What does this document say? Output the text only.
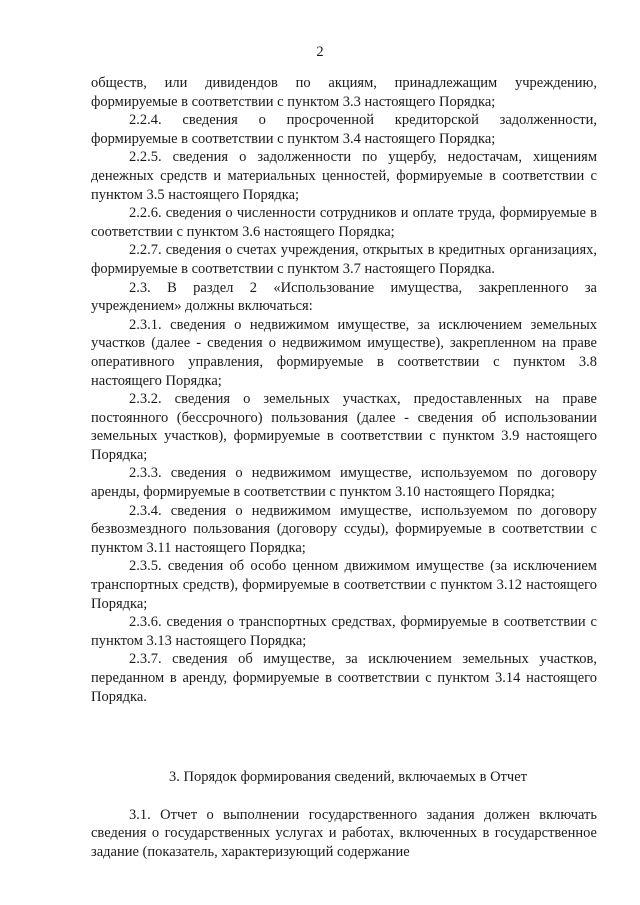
2

обществ, или дивидендов по акциям, принадлежащим учреждению, формируемые в соответствии с пунктом 3.3 настоящего Порядка;

2.2.4. сведения о просроченной кредиторской задолженности, формируемые в соответствии с пунктом 3.4 настоящего Порядка;

2.2.5. сведения о задолженности по ущербу, недостачам, хищениям денежных средств и материальных ценностей, формируемые в соответствии с пунктом 3.5 настоящего Порядка;

2.2.6. сведения о численности сотрудников и оплате труда, формируемые в соответствии с пунктом 3.6 настоящего Порядка;

2.2.7. сведения о счетах учреждения, открытых в кредитных организациях, формируемые в соответствии с пунктом 3.7 настоящего Порядка.

2.3. В раздел 2 «Использование имущества, закрепленного за учреждением» должны включаться:

2.3.1. сведения о недвижимом имуществе, за исключением земельных участков (далее - сведения о недвижимом имуществе), закрепленном на праве оперативного управления, формируемые в соответствии с пунктом 3.8 настоящего Порядка;

2.3.2. сведения о земельных участках, предоставленных на праве постоянного (бессрочного) пользования (далее - сведения об использовании земельных участков), формируемые в соответствии с пунктом 3.9 настоящего Порядка;

2.3.3. сведения о недвижимом имуществе, используемом по договору аренды, формируемые в соответствии с пунктом 3.10 настоящего Порядка;

2.3.4. сведения о недвижимом имуществе, используемом по договору безвозмездного пользования (договору ссуды), формируемые в соответствии с пунктом 3.11 настоящего Порядка;

2.3.5. сведения об особо ценном движимом имуществе (за исключением транспортных средств), формируемые в соответствии с пунктом 3.12 настоящего Порядка;

2.3.6. сведения о транспортных средствах, формируемые в соответствии с пунктом 3.13 настоящего Порядка;

2.3.7. сведения об имуществе, за исключением земельных участков, переданном в аренду, формируемые в соответствии с пунктом 3.14 настоящего Порядка.

3. Порядок формирования сведений, включаемых в Отчет

3.1. Отчет о выполнении государственного задания должен включать сведения о государственных услугах и работах, включенных в государственное задание (показатель, характеризующий содержание
